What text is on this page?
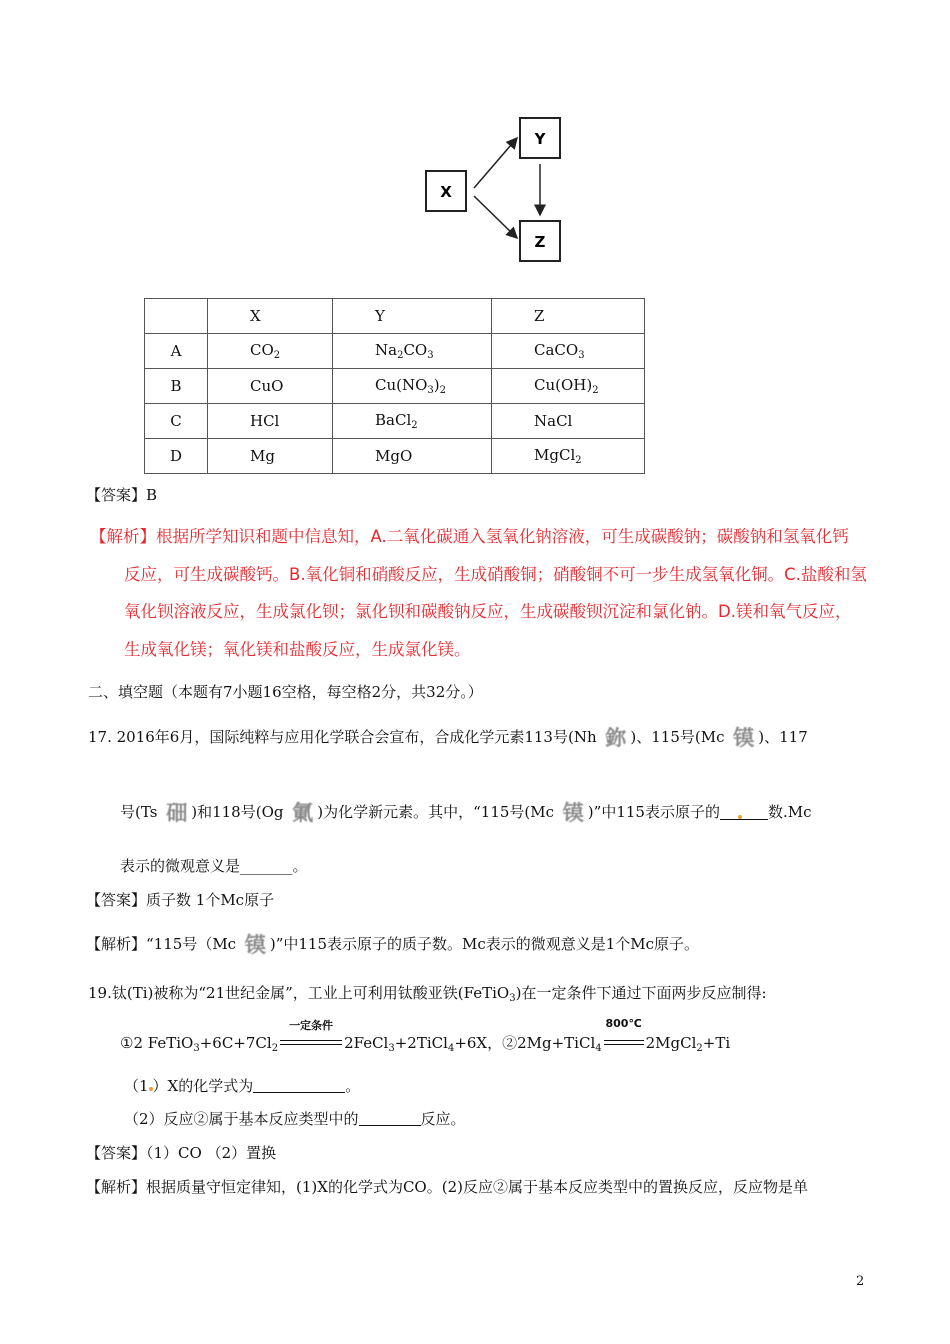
X
Y
Z
	X	Y	Z
A	$CO_2$	$Na_2CO_3$	CaCO$_3$
B	CuO	$Cu(NO_3)_2$	$Cu(OH)_2$
C	HCl	BaCl$_2$	NaCl
D	Mg	MgO	MgCl$_2$
【答案】B
【解析】根据所学知识和题中信息知，A.二氧化碳通入氢氧化钠溶液，可生成碳酸钠；碳酸钠和氢氧化钙
反应，可生成碳酸钙。B.氧化铜和硝酸反应，生成硝酸铜；硝酸铜不可一步生成氢氧化铜。C.盐酸和氢
氧化钡溶液反应，生成氯化钡；氯化钡和碳酸钠反应，生成碳酸钡沉淀和氯化钠。D.镁和氧气反应，
生成氧化镁；氧化镁和盐酸反应，生成氯化镁。
二、填空题（本题有7小题16空格，每空格2分，共32分。）
17. 2016年6月，国际纯粹与应用化学联合会宣布，合成化学元素113号(Nh 鉨 )、115号(Mc 镆 )、117
号(Ts 鿬 )和118号(Og 氭 )为化学新元素。其中，“115号(Mc 镆 )”中115表示原子的	数.Mc
表示的微观意义是_______。
【答案】质子数 1个Mc原子
【解析】“115号（Mc 镆 )”中115表示原子的质子数。Mc表示的微观意义是1个Mc原子。
19.钛(Ti)被称为“21世纪金属”，工业上可利用钛酸亚铁(FeTiO$_3$)在一定条件下通过下面两步反应制得:
①2 $FeTiO_3+6C+7Cl_2$
一定条件
2FeCl$_3$+2TiCl$_4$+6X，②2Mg+TiCl$_4$
800℃
2MgCl$_2$+Ti
（1 ）X的化学式为	。
（2）反应②属于基本反应类型中的	反应。
【答案】（1）CO （2）置换
【解析】根据质量守恒定律知，(1)X的化学式为CO。(2)反应②属于基本反应类型中的置换反应，反应物是单
2
